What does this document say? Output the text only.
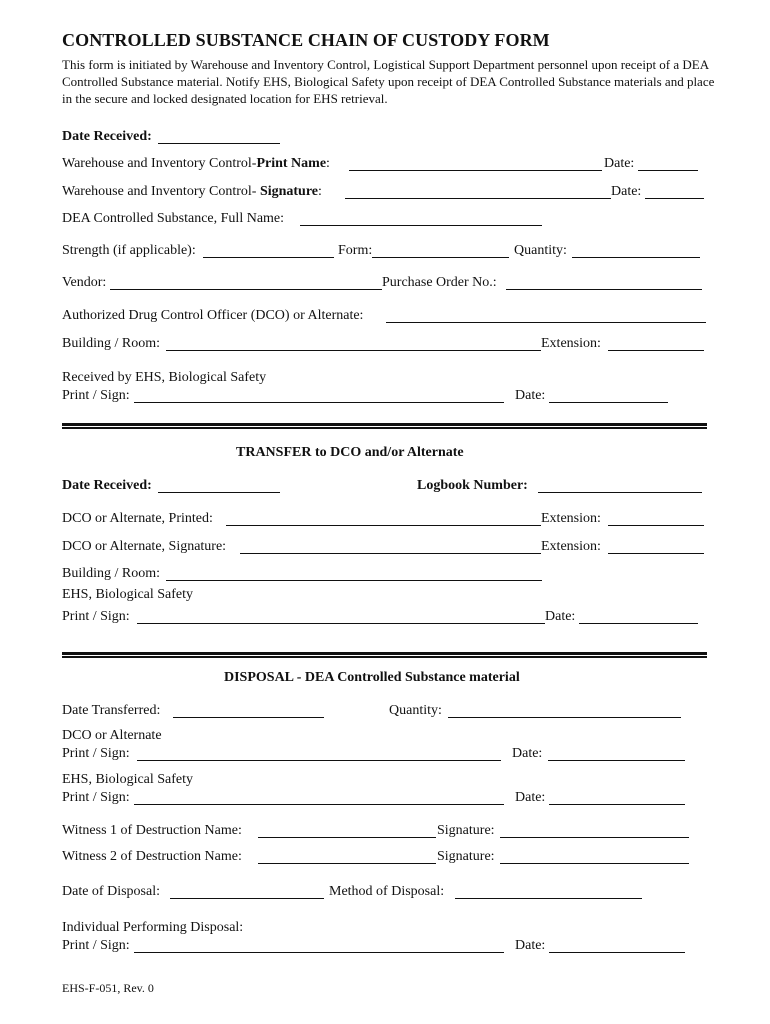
CONTROLLED SUBSTANCE CHAIN OF CUSTODY FORM
This form is initiated by Warehouse and Inventory Control, Logistical Support Department personnel upon receipt of a DEA Controlled Substance material. Notify EHS, Biological Safety upon receipt of DEA Controlled Substance materials and place in the secure and locked designated location for EHS retrieval.
Date Received:
Warehouse and Inventory Control-Print Name:	Date:
Warehouse and Inventory Control- Signature:	Date:
DEA Controlled Substance, Full Name:
Strength (if applicable):	Form:	Quantity:
Vendor:	Purchase Order No.:
Authorized Drug Control Officer (DCO) or Alternate:
Building / Room:	Extension:
Received by EHS, Biological Safety
Print / Sign:	Date:
TRANSFER to DCO and/or Alternate
Date Received:	Logbook Number:
DCO or Alternate, Printed:	Extension:
DCO or Alternate, Signature:	Extension:
Building / Room:
EHS, Biological Safety
Print / Sign:	Date:
DISPOSAL - DEA Controlled Substance material
Date Transferred:	Quantity:
DCO or Alternate
Print / Sign:	Date:
EHS, Biological Safety
Print / Sign:	Date:
Witness 1 of Destruction Name:	Signature:
Witness 2 of Destruction Name:	Signature:
Date of Disposal:	Method of Disposal:
Individual Performing Disposal:
Print / Sign:	Date:
EHS-F-051, Rev. 0
